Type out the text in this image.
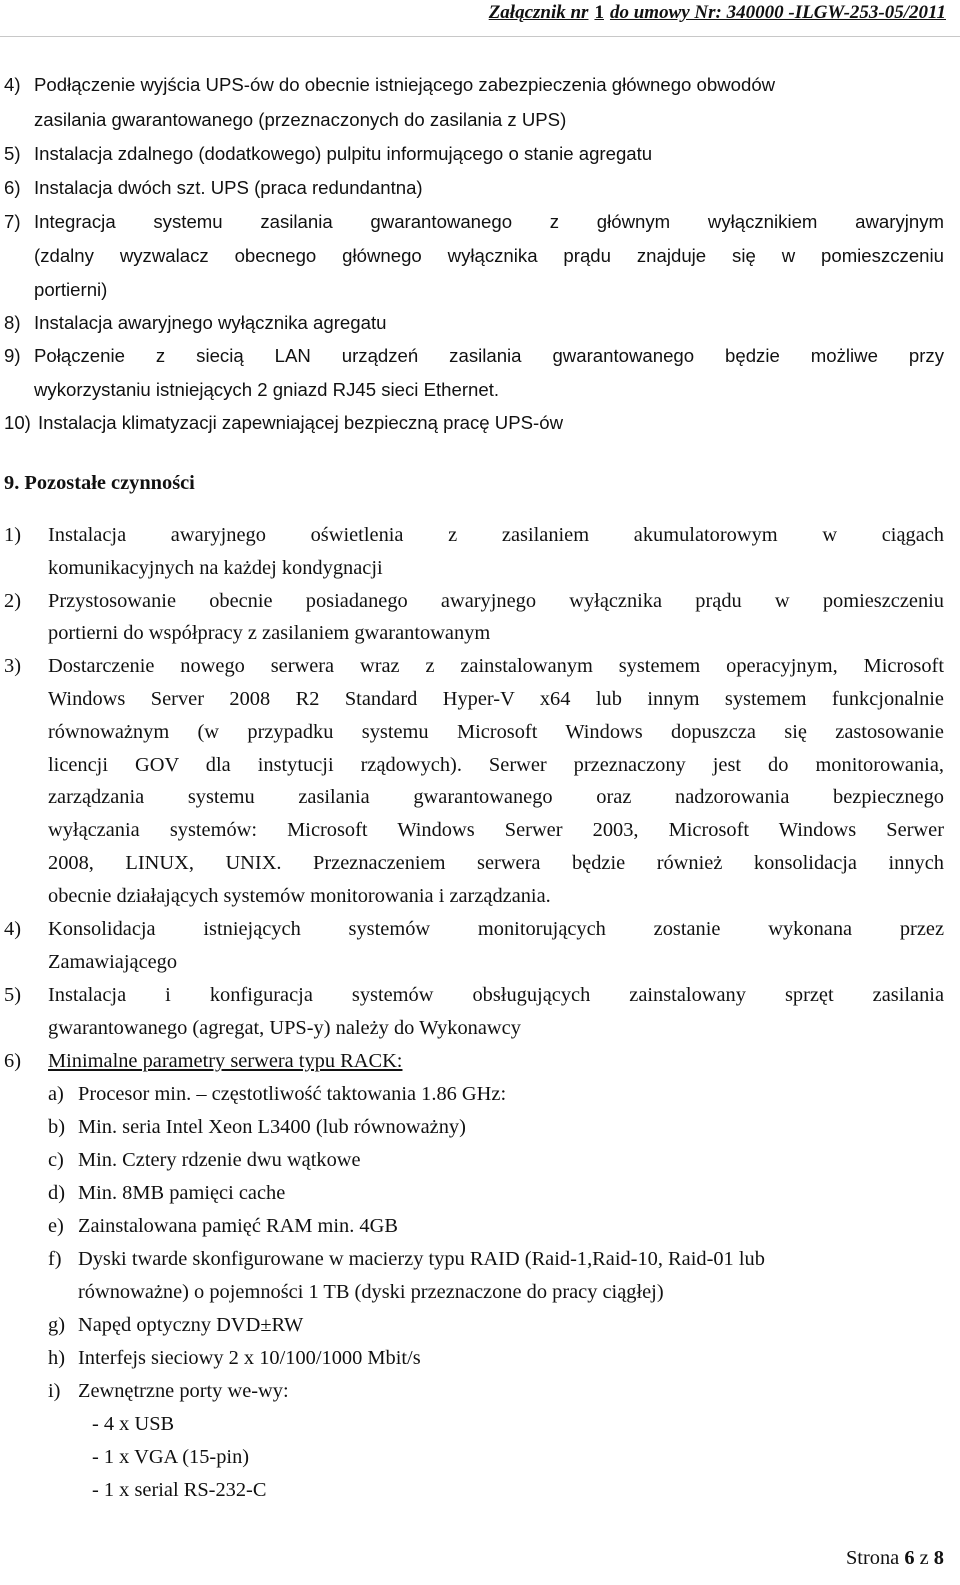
Załącznik nr 1 do umowy Nr: 340000 -ILGW-253-05/2011
4) Podłączenie wyjścia UPS-ów do obecnie istniejącego zabezpieczenia głównego obwodów
zasilania gwarantowanego (przeznaczonych do zasilania z UPS)
5) Instalacja zdalnego (dodatkowego) pulpitu informującego o stanie agregatu
6) Instalacja dwóch szt. UPS (praca redundantna)
7) Integracja systemu zasilania gwarantowanego z głównym wyłącznikiem awaryjnym
(zdalny wyzwalacz obecnego głównego wyłącznika prądu znajduje się w pomieszczeniu
portierni)
8) Instalacja awaryjnego wyłącznika agregatu
9) Połączenie z siecią LAN urządzeń zasilania gwarantowanego będzie możliwe przy
wykorzystaniu istniejących 2 gniazd RJ45 sieci Ethernet.
10) Instalacja klimatyzacji zapewniającej bezpieczną pracę UPS-ów
9. Pozostałe czynności
1) Instalacja awaryjnego oświetlenia z zasilaniem akumulatorowym w ciągach
komunikacyjnych na każdej kondygnacji
2) Przystosowanie obecnie posiadanego awaryjnego wyłącznika prądu w pomieszczeniu
portierni do współpracy z zasilaniem gwarantowanym
3) Dostarczenie nowego serwera wraz z zainstalowanym systemem operacyjnym, Microsoft
Windows Server 2008 R2 Standard Hyper-V x64 lub innym systemem funkcjonalnie
równoważnym (w przypadku systemu Microsoft Windows dopuszcza się zastosowanie
licencji GOV dla instytucji rządowych). Serwer przeznaczony jest do monitorowania,
zarządzania systemu zasilania gwarantowanego oraz nadzorowania bezpiecznego
wyłączania systemów: Microsoft Windows Serwer 2003, Microsoft Windows Serwer
2008, LINUX, UNIX. Przeznaczeniem serwera będzie również konsolidacja innych
obecnie działających systemów monitorowania i zarządzania.
4) Konsolidacja istniejących systemów monitorujących zostanie wykonana przez
Zamawiającego
5) Instalacja i konfiguracja systemów obsługujących zainstalowany sprzęt zasilania
gwarantowanego (agregat, UPS-y) należy do Wykonawcy
6) Minimalne parametry serwera typu RACK:
a) Procesor min. – częstotliwość taktowania 1.86 GHz:
b) Min. seria Intel Xeon L3400 (lub równoważny)
c) Min. Cztery rdzenie dwu wątkowe
d) Min. 8MB pamięci cache
e) Zainstalowana pamięć RAM min. 4GB
f) Dyski twarde skonfigurowane w macierzy typu RAID (Raid-1,Raid-10, Raid-01 lub
równoważne) o pojemności 1 TB (dyski przeznaczone do pracy ciągłej)
g) Napęd optyczny DVD±RW
h) Interfejs sieciowy 2 x 10/100/1000 Mbit/s
i) Zewnętrzne porty we-wy:
- 4 x USB
- 1 x VGA (15-pin)
- 1 x serial RS-232-C
Strona 6 z 8
